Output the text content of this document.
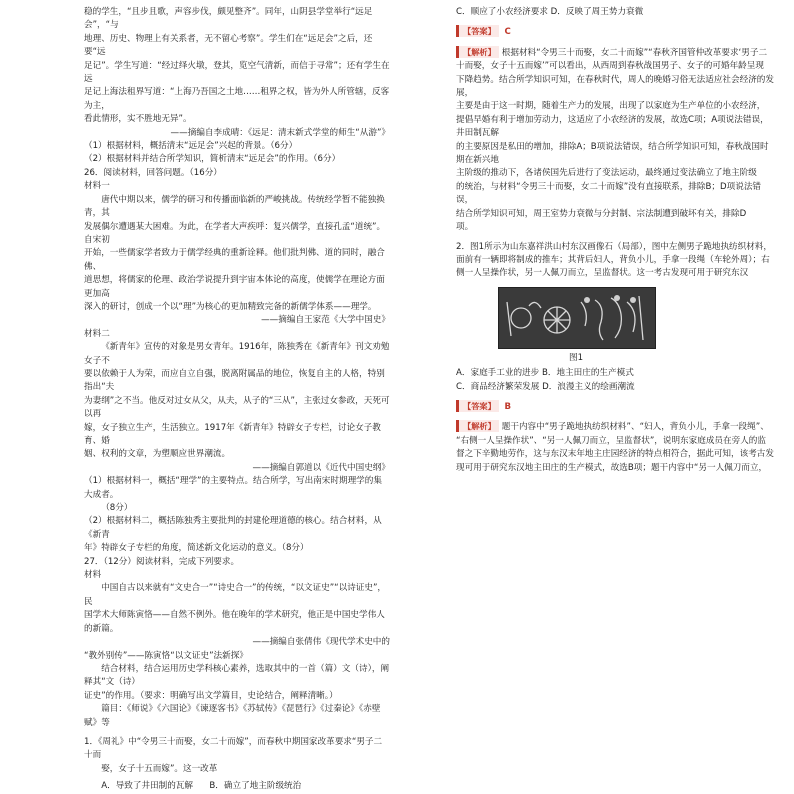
稳的学生，“且步且歌，声容步伐，颇见整齐”。同年，山阴县学堂举行“远足会”，“与

地理、历史、物理上有关系者，无不留心考察”。学生们在“远足会”之后，还要“远

足记”。学生写道：“经过绎火墩，登其，览空气清新，而信于寻常”；还有学生在远

足记上海法租界写道：“上海乃吾国之土地……租界之权，皆为外人所管辖，反客为主，

看此情形，实不胜地无异”。

——摘编自李成晴：《远足：清末新式学堂的师生“从游”》

（1）根据材料，概括清末“远足会”兴起的背景。（6分）

（2）根据材料并结合所学知识，简析清末“远足会”的作用。（6分）

26．阅读材料，回答问题。（16分）

材料一

唐代中期以来，儒学的研习和传播面临新的严峻挑战。传统经学暂不能独换青，其

发展偶尔遭遇某大困难。为此，在学者大声疾呼：复兴儒学，直接孔孟“道统”。自宋初

开始，一些儒家学者致力于儒学经典的重新诠释。他们批判佛、道的同时，融合佛、

道思想，将儒家的伦理、政治学说提升到宇宙本体论的高度，使儒学在理论方面更加高

深入的研讨，创成一个以“理”为核心的更加精致完备的新儒学体系——理学。

——摘编自王家范《大学中国史》

材料二

《新青年》宣传的对象是男女青年。1916年，陈独秀在《新青年》刊文劝勉女子不

要以依赖于人为荣，而应自立自强，脱离附属品的地位，恢复自主的人格，特别指出“夫

为妻纲”之不当。他反对过女从父，从夫，从子的“三从”，主张过女参政，天死可以再

嫁，女子独立生产，生活独立。1917年《新青年》特辟女子专栏，讨论女子教育、婚

姻、权利的文章，为塑顺应世界潮流。

——摘编自郭道以《近代中国史纲》

（1）根据材料一，概括“理学”的主要特点。结合所学，写出南宋时期理学的集大成者。

（8分）

（2）根据材料二，概括陈独秀主要批判的封建伦理道德的核心。结合材料，从《新青

年》特辟女子专栏的角度，简述新文化运动的意义。（8分）

27．（12分）阅读材料，完成下列要求。

材料

中国自古以来就有“文史合一”“诗史合一”的传统，“以文证史”“以诗证史”，民

国学术大师陈寅恪——自然不例外。他在晚年的学术研究，他正是中国史学伟人的新篇。

——摘编自张倩伟《现代学术史中的

“教外别传”——陈寅恪“以文证史”法新探》

结合材料，结合运用历史学科核心素养，选取其中的一首（篇）文（诗），阐释其“文（诗）

证史”的作用。（要求：明确写出文学篇目，史论结合，阐释清晰。）

篇目：《师说》《六国论》《谏逐客书》《苏轼传》《琵琶行》《过秦论》《赤壁赋》等

1．《周礼》中“令男三十而娶，女二十而嫁”，而春秋中期国家改革要求“男子二十而

娶，女子十五而嫁”。这一改革

A．导致了井田制的瓦解 B．确立了地主阶级统治

C．顺应了小农经济要求 D．反映了周王势力衰微

【答案】 C

【解析】 根据材料“令男三十而娶，女二十而嫁”“春秋齐国管仲改革要求‘男子二

十而娶，女子十五而嫁’”可以看出，从西周到春秋战国男子、女子的可婚年龄呈现

下降趋势。结合所学知识可知，在春秋时代，周人的晚婚习俗无法适应社会经济的发展，

主要是由于这一时期，随着生产力的发展，出现了以家庭为生产单位的小农经济，

提倡早婚有利于增加劳动力，这适应了小农经济的发展，故选C项；A项说法错误，井田制瓦解

的主要原因是私田的增加，排除A；B项说法错误，结合所学知识可知，春秋战国时期在新兴地

主阶级的推动下，各诸侯国先后进行了变法运动，最终通过变法确立了地主阶级

的统治，与材料“令男三十而娶，女二十而嫁”没有直接联系，排除B；D项说法错误，

结合所学知识可知，周王室势力衰微与分封制、宗法制遭到破坏有关，排除D

项。

2．图1所示为山东嘉祥洪山村东汉画像石（局部），图中左侧男子跪地执纺织材料，

面前有一辆即将制成的推车；其背后妇人，背负小儿，手拿一段绳（车轮外周）；右

侧一人呈操作状，另一人佩刀而立，呈监督状。这一考古发现可用于研究东汉

图1

A．家庭手工业的进步 B．地主田庄的生产模式

C．商品经济繁荣发展 D．浪漫主义的绘画潮流

【答案】 B

【解析】 题干内容中“男子跪地执纺织材料”、“妇人，背负小儿，手拿一段绳”、

“右侧一人呈操作状”、“另一人佩刀而立，呈监督状”，说明东家庭成员在旁人的监

督之下辛勤地劳作，这与东汉末年地主庄园经济的特点相符合，据此可知，该考古发

现可用于研究东汉地主田庄的生产模式，故选B项；题干内容中“另一人佩刀而立，
